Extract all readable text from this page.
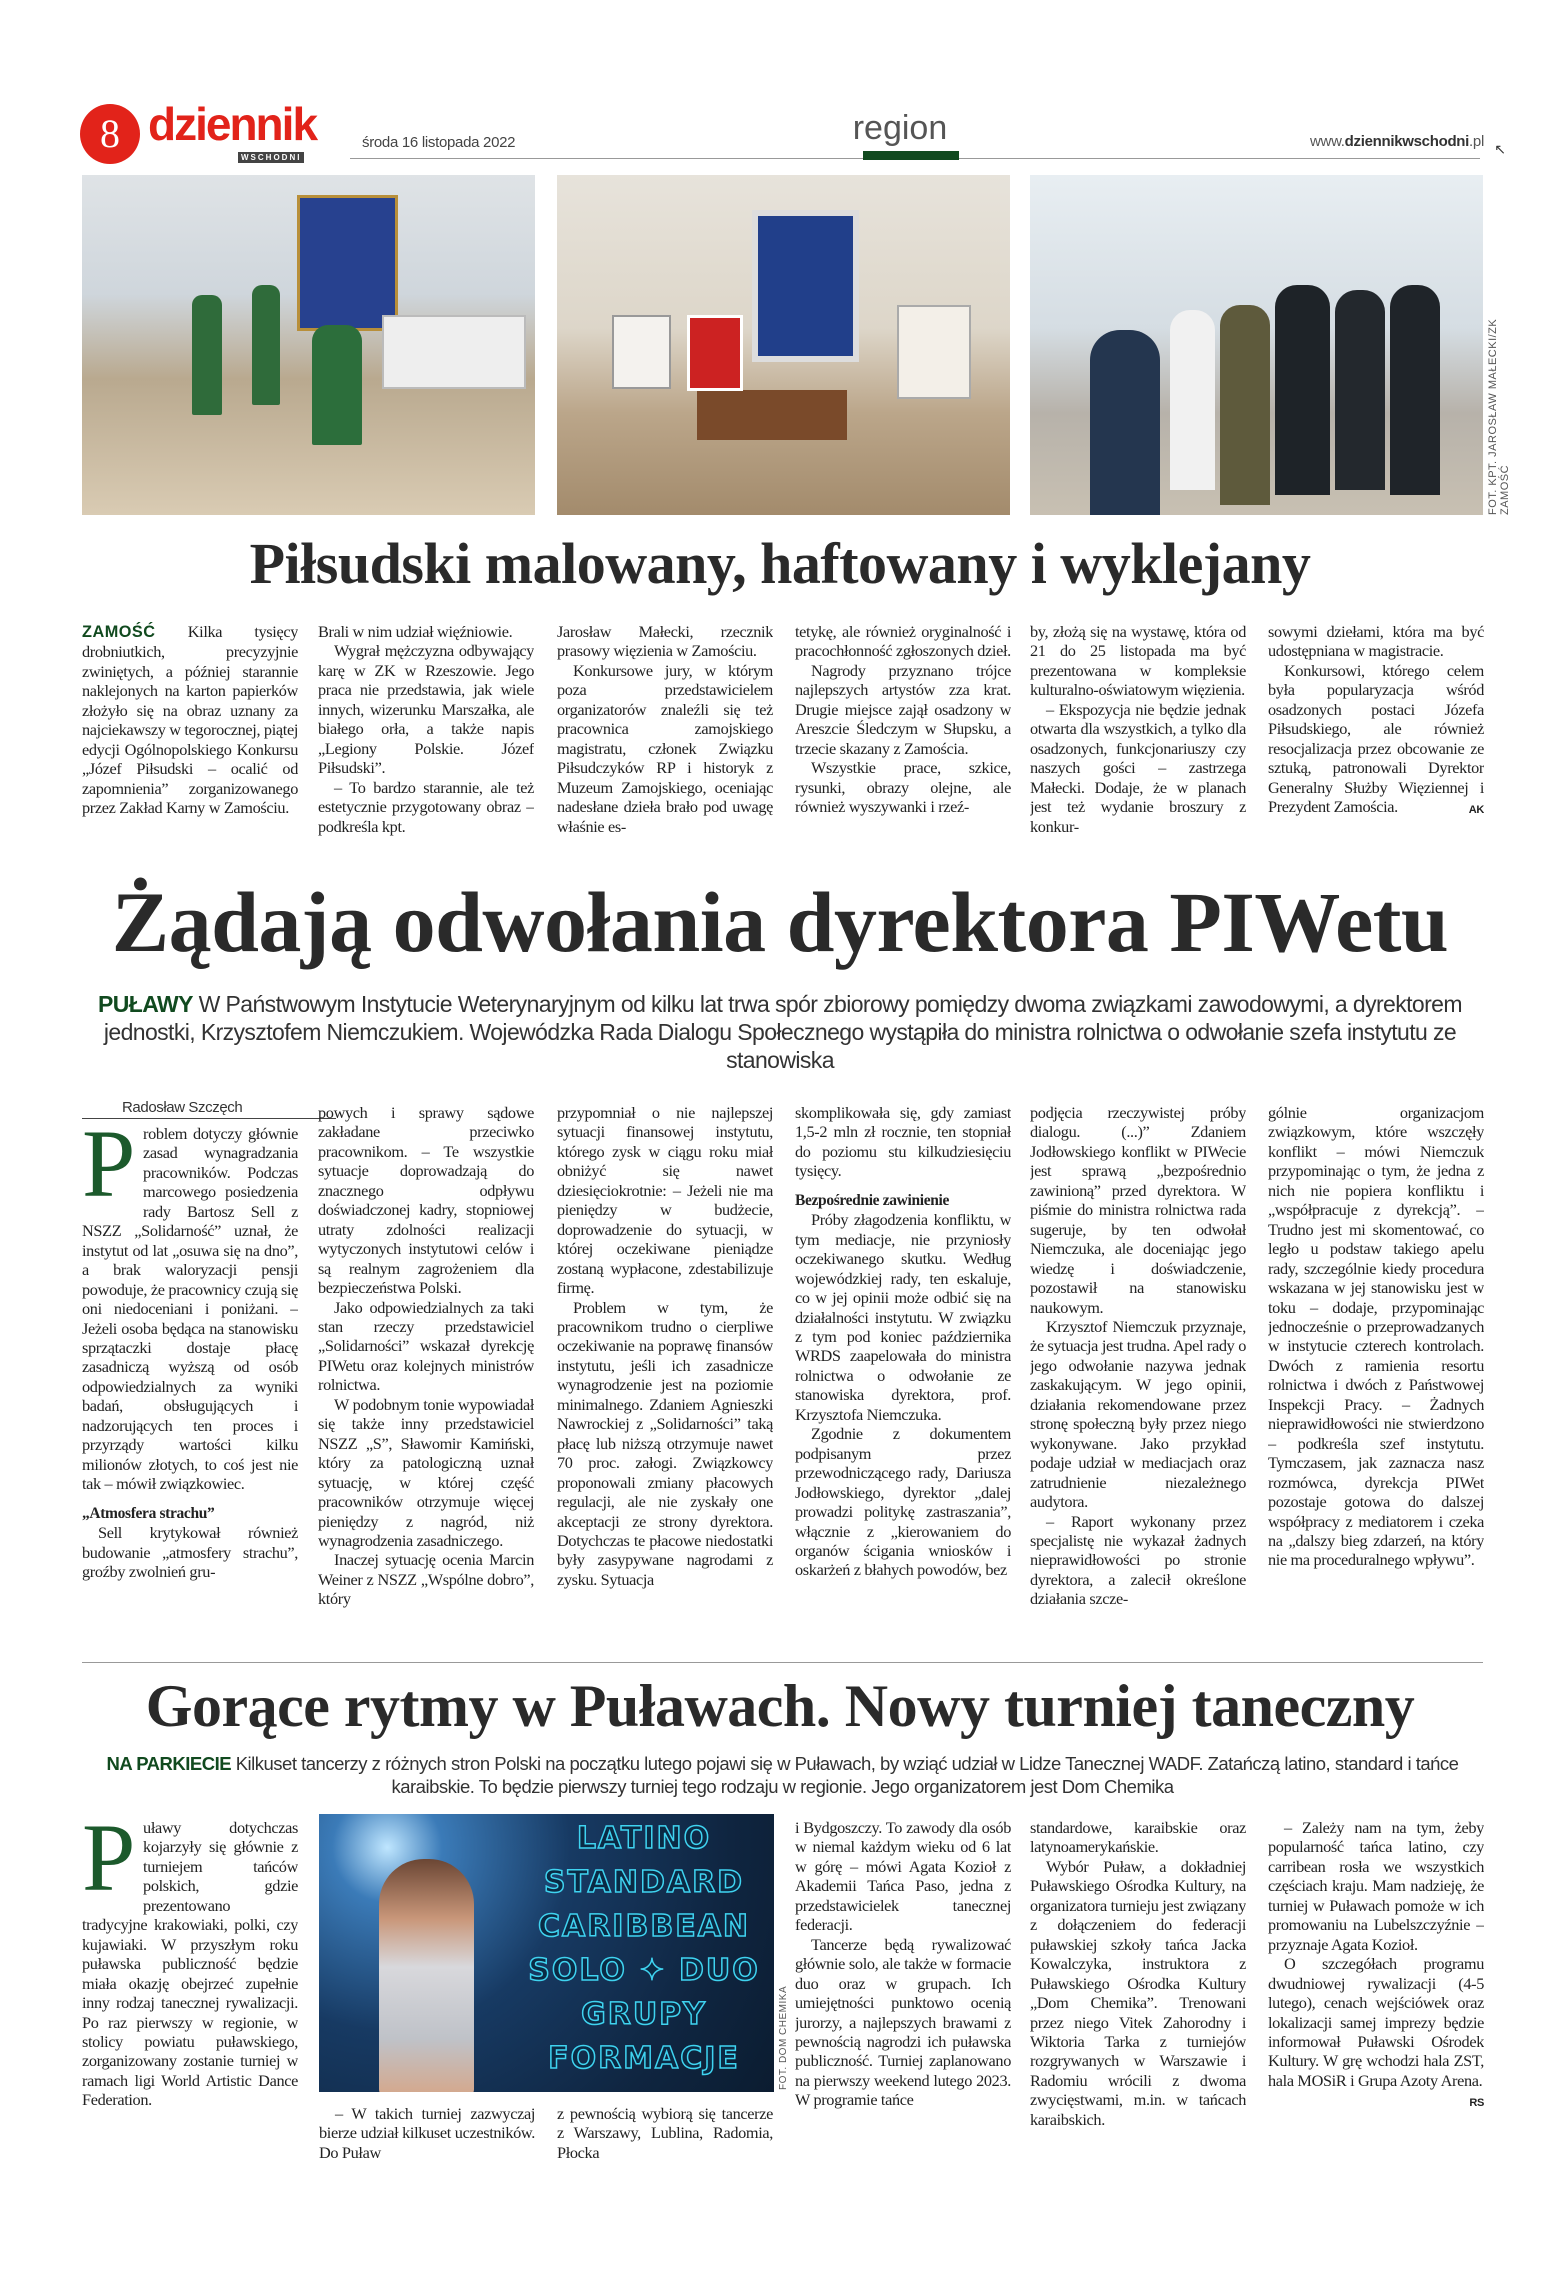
8 dziennik
WSCHODNI
środa 16 listopada 2022	region	www.dziennikwschodni.pl
↖
FOT. KPT. JAROSŁAW MAŁECKI/ZK ZAMOŚĆ
Piłsudski malowany, haftowany i wyklejany

ZAMOŚĆ Kilka tysięcy drobniutkich, precyzyjnie zwiniętych, a później starannie naklejonych na karton papierków złożyło się na obraz uznany za najciekawszy w tegorocznej, piątej edycji Ogólnopolskiego Konkursu „Józef Piłsudski – ocalić od zapomnienia” zorganizowanego przez Zakład Karny w Zamościu.

Brali w nim udział więźniowie.

Wygrał mężczyzna odbywający karę w ZK w Rzeszowie. Jego praca nie przedstawia, jak wiele innych, wizerunku Marszałka, ale białego orła, a także napis „Legiony Polskie. Józef Piłsudski”.

– To bardzo starannie, ale też estetycznie przygotowany obraz – podkreśla kpt.

Jarosław Małecki, rzecznik prasowy więzienia w Zamościu.

Konkursowe jury, w którym poza przedstawicielem organizatorów znaleźli się też pracownica zamojskiego magistratu, członek Związku Piłsudczyków RP i historyk z Muzeum Zamojskiego, oceniając nadesłane dzieła brało pod uwagę właśnie es-

tetykę, ale również oryginalność i pracochłonność zgłoszonych dzieł.

Nagrody przyznano trójce najlepszych artystów zza krat. Drugie miejsce zajął osadzony w Areszcie Śledczym w Słupsku, a trzecie skazany z Zamościa.

Wszystkie prace, szkice, rysunki, obrazy olejne, ale również wyszywanki i rzeź-

by, złożą się na wystawę, która od 21 do 25 listopada ma być prezentowana w kompleksie kulturalno-oświatowym więzienia.

– Ekspozycja nie będzie jednak otwarta dla wszystkich, a tylko dla osadzonych, funkcjonariuszy czy naszych gości – zastrzega Małecki. Dodaje, że w planach jest też wydanie broszury z konkur-

sowymi dziełami, która ma być udostępniana w magistracie.

Konkursowi, którego celem była popularyzacja wśród osadzonych postaci Józefa Piłsudskiego, ale również resocjalizacja przez obcowanie ze sztuką, patronowali Dyrektor Generalny Służby Więziennej i Prezydent Zamościa.	AK

Żądają odwołania dyrektora PIWetu
PUŁAWY W Państwowym Instytucie Weterynaryjnym od kilku lat trwa spór zbiorowy pomiędzy dwoma związkami zawodowymi, a dyrektorem jednostki, Krzysztofem Niemczukiem. Wojewódzka Rada Dialogu Społecznego wystąpiła do ministra rolnictwa o odwołanie szefa instytutu ze stanowiska
Radosław Szczęch

Problem dotyczy głównie zasad wynagradzania pracowników. Podczas marcowego posiedzenia rady Bartosz Sell z NSZZ „Solidarność” uznał, że instytut od lat „osuwa się na dno”, a brak waloryzacji pensji powoduje, że pracownicy czują się oni niedoceniani i poniżani. – Jeżeli osoba będąca na stanowisku sprzątaczki dostaje płacę zasadniczą wyższą od osób odpowiedzialnych za wyniki badań, obsługujących i nadzorujących ten proces i przyrządy wartości kilku milionów złotych, to coś jest nie tak – mówił związkowiec.

„Atmosfera strachu”

Sell krytykował również budowanie „atmosfery strachu”, groźby zwolnień gru-

powych i sprawy sądowe zakładane przeciwko pracownikom. – Te wszystkie sytuacje doprowadzają do znacznego odpływu doświadczonej kadry, stopniowej utraty zdolności realizacji wytyczonych instytutowi celów i są realnym zagrożeniem dla bezpieczeństwa Polski.

Jako odpowiedzialnych za taki stan rzeczy przedstawiciel „Solidarności” wskazał dyrekcję PIWetu oraz kolejnych ministrów rolnictwa.

W podobnym tonie wypowiadał się także inny przedstawiciel NSZZ „S”, Sławomir Kamiński, który za patologiczną uznał sytuację, w której część pracowników otrzymuje więcej pieniędzy z nagród, niż wynagrodzenia zasadniczego.

Inaczej sytuację ocenia Marcin Weiner z NSZZ „Wspólne dobro”, który

przypomniał o nie najlepszej sytuacji finansowej instytutu, którego zysk w ciągu roku miał obniżyć się nawet dziesięciokrotnie: – Jeżeli nie ma pieniędzy w budżecie, doprowadzenie do sytuacji, w której oczekiwane pieniądze zostaną wypłacone, zdestabilizuje firmę.

Problem w tym, że pracownikom trudno o cierpliwe oczekiwanie na poprawę finansów instytutu, jeśli ich zasadnicze wynagrodzenie jest na poziomie minimalnego. Zdaniem Agnieszki Nawrockiej z „Solidarności” taką płacę lub niższą otrzymuje nawet 70 proc. załogi. Związkowcy proponowali zmiany płacowych regulacji, ale nie zyskały one akceptacji ze strony dyrektora. Dotychczas te płacowe niedostatki były zasypywane nagrodami z zysku. Sytuacja

skomplikowała się, gdy zamiast 1,5-2 mln zł rocznie, ten stopniał do poziomu stu kilkudziesięciu tysięcy.

Bezpośrednie zawinienie

Próby złagodzenia konfliktu, w tym mediacje, nie przyniosły oczekiwanego skutku. Według wojewódzkiej rady, ten eskaluje, co w jej opinii może odbić się na działalności instytutu. W związku z tym pod koniec października WRDS zaapelowała do ministra rolnictwa o odwołanie ze stanowiska dyrektora, prof. Krzysztofa Niemczuka.

Zgodnie z dokumentem podpisanym przez przewodniczącego rady, Dariusza Jodłowskiego, dyrektor „dalej prowadzi politykę zastraszania”, włącznie z „kierowaniem do organów ścigania wniosków i oskarżeń z błahych powodów, bez

podjęcia rzeczywistej próby dialogu. (...)” Zdaniem Jodłowskiego konflikt w PIWecie jest sprawą „bezpośrednio zawinioną” przed dyrektora. W piśmie do ministra rolnictwa rada sugeruje, by ten odwołał Niemczuka, ale doceniając jego wiedzę i doświadczenie, pozostawił na stanowisku naukowym.

Krzysztof Niemczuk przyznaje, że sytuacja jest trudna. Apel rady o jego odwołanie nazywa jednak zaskakującym. W jego opinii, działania rekomendowane przez stronę społeczną były przez niego wykonywane. Jako przykład podaje udział w mediacjach oraz zatrudnienie niezależnego audytora.

– Raport wykonany przez specjalistę nie wykazał żadnych nieprawidłowości po stronie dyrektora, a zalecił określone działania szcze-

gólnie organizacjom związkowym, które wszczęły konflikt – mówi Niemczuk przypominając o tym, że jedna z nich nie popiera konfliktu i „współpracuje z dyrekcją”. – Trudno jest mi skomentować, co legło u podstaw takiego apelu rady, szczególnie kiedy procedura wskazana w jej stanowisku jest w toku – dodaje, przypominając jednocześnie o przeprowadzanych w instytucie czterech kontrolach. Dwóch z ramienia resortu rolnictwa i dwóch z Państwowej Inspekcji Pracy. – Żadnych nieprawidłowości nie stwierdzono – podkreśla szef instytutu. Tymczasem, jak zaznacza nasz rozmówca, dyrekcja PIWet pozostaje gotowa do dalszej współpracy z mediatorem i czeka na „dalszy bieg zdarzeń, na który nie ma proceduralnego wpływu”.

Gorące rytmy w Puławach. Nowy turniej taneczny
NA PARKIECIE Kilkuset tancerzy z różnych stron Polski na początku lutego pojawi się w Puławach, by wziąć udział w Lidze Tanecznej WADF. Zatańczą latino, standard i tańce karaibskie. To będzie pierwszy turniej tego rodzaju w regionie. Jego organizatorem jest Dom Chemika

Puławy dotychczas kojarzyły się głównie z turniejem tańców polskich, gdzie prezentowano tradycyjne krakowiaki, polki, czy kujawiaki. W przyszłym roku puławska publiczność będzie miała okazję obejrzeć zupełnie inny rodzaj tanecznej rywalizacji. Po raz pierwszy w regionie, w stolicy powiatu puławskiego, zorganizowany zostanie turniej w ramach ligi World Artistic Dance Federation.

LATINO
STANDARD
CARIBBEAN
SOLO ✦ DUO
GRUPY
FORMACJE	FOT. DOM CHEMIKA

– W takich turniej zazwyczaj bierze udział kilkuset uczestników. Do Puław

z pewnością wybiorą się tancerze z Warszawy, Lublina, Radomia, Płocka

i Bydgoszczy. To zawody dla osób w niemal każdym wieku od 6 lat w górę – mówi Agata Kozioł z Akademii Tańca Paso, jedna z przedstawicielek tanecznej federacji.

Tancerze będą rywalizować głównie solo, ale także w formacie duo oraz w grupach. Ich umiejętności punktowo ocenią jurorzy, a najlepszych brawami z pewnością nagrodzi ich puławska publiczność. Turniej zaplanowano na pierwszy weekend lutego 2023. W programie tańce

standardowe, karaibskie oraz latynoamerykańskie.

Wybór Puław, a dokładniej Puławskiego Ośrodka Kultury, na organizatora turnieju jest związany z dołączeniem do federacji puławskiej szkoły tańca Jacka Kowalczyka, instruktora z Puławskiego Ośrodka Kultury „Dom Chemika”. Trenowani przez niego Vitek Zahorodny i Wiktoria Tarka z turniejów rozgrywanych w Warszawie i Radomiu wrócili z dwoma zwycięstwami, m.in. w tańcach karaibskich.

– Zależy nam na tym, żeby popularność tańca latino, czy carribean rosła we wszystkich częściach kraju. Mam nadzieję, że turniej w Puławach pomoże w ich promowaniu na Lubelszczyźnie – przyznaje Agata Kozioł.

O szczegółach programu dwudniowej rywalizacji (4-5 lutego), cenach wejściówek oraz lokalizacji samej imprezy będzie informował Puławski Ośrodek Kultury. W grę wchodzi hala ZST, hala MOSiR i Grupa Azoty Arena.
RS
